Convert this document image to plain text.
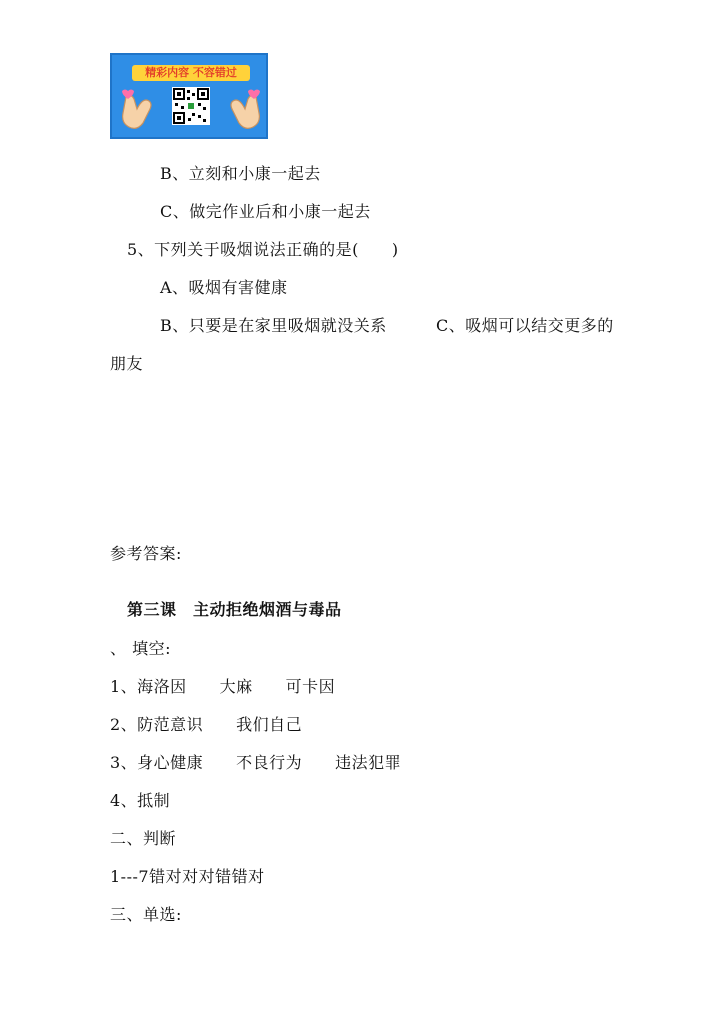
精彩内容 不容错过
B、立刻和小康一起去
C、做完作业后和小康一起去
5、下列关于吸烟说法正确的是(　　)
A、吸烟有害健康
B、只要是在家里吸烟就没关系	C、吸烟可以结交更多的
朋友
参考答案:
第三课　主动拒绝烟酒与毒品
、 填空:
1、海洛因　　大麻　　可卡因
2、防范意识　　我们自己
3、身心健康　　不良行为　　违法犯罪
4、抵制
二、判断
1---7错对对对错错对
三、单选:
